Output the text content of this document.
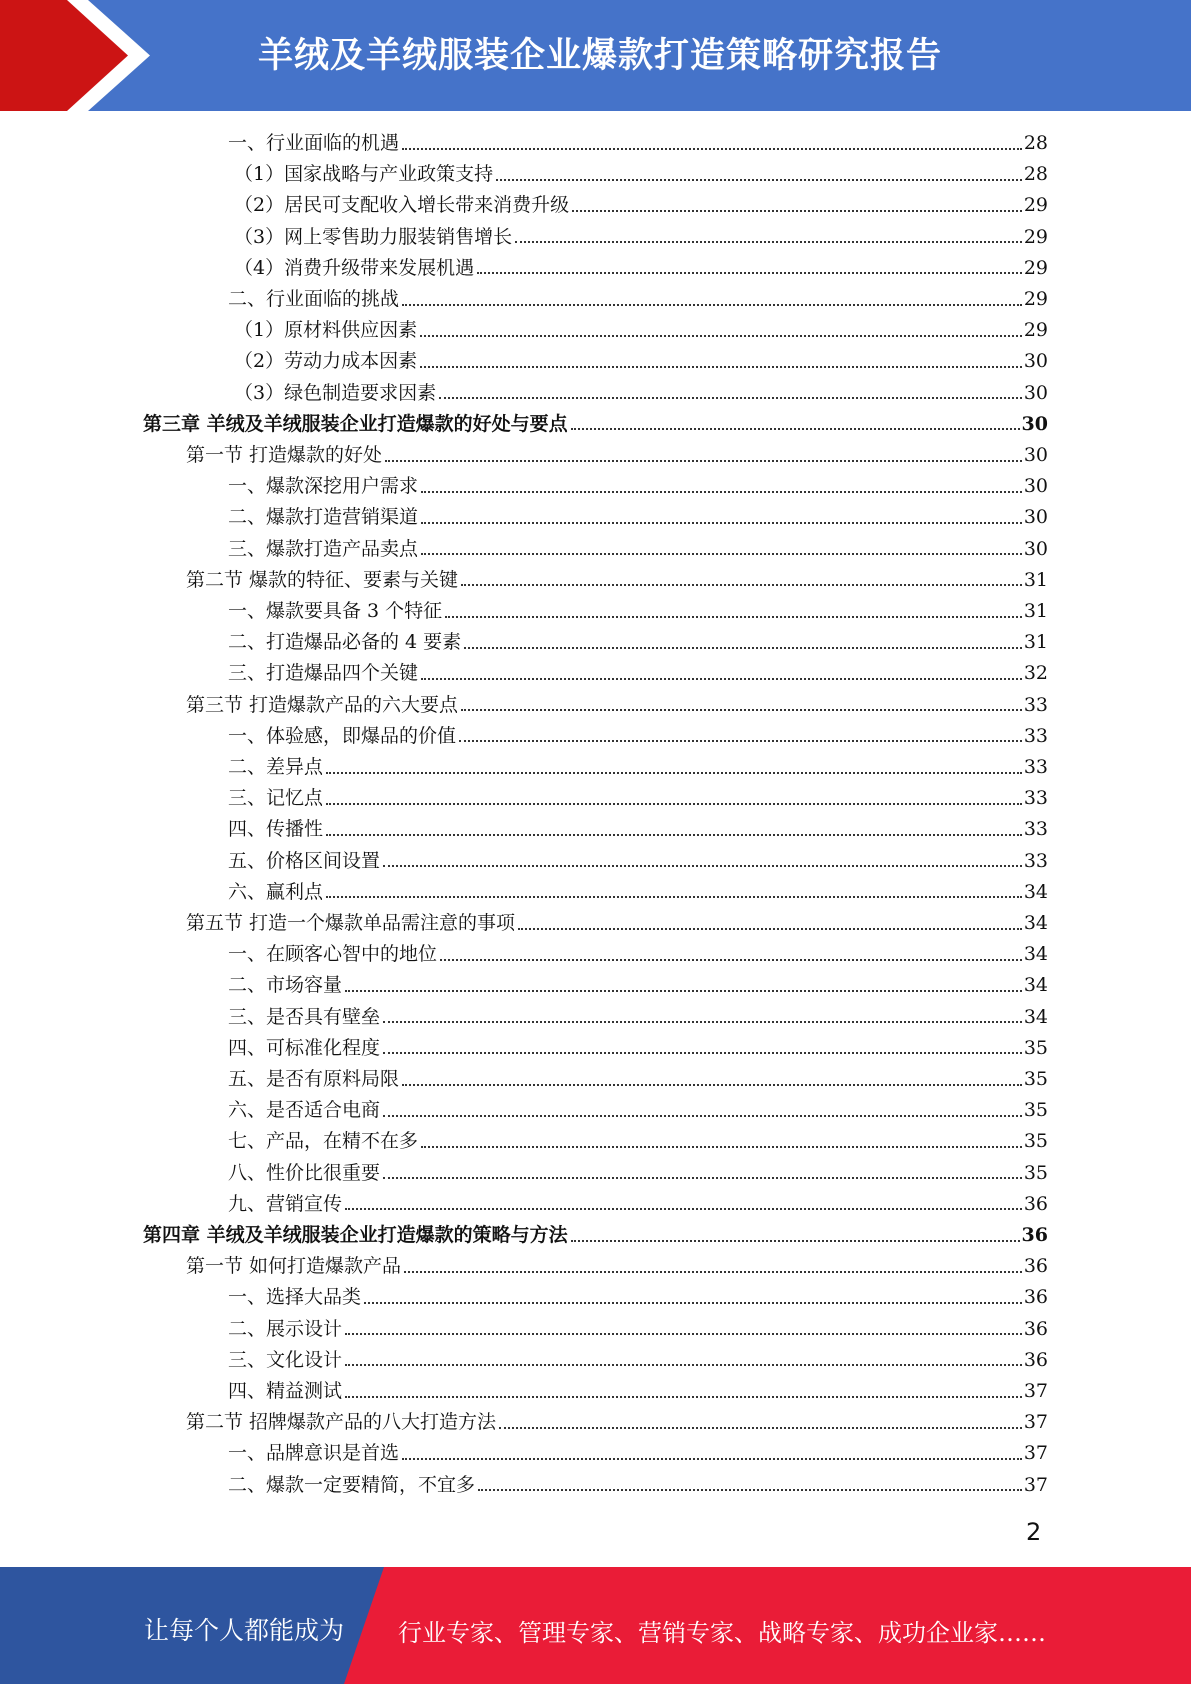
羊绒及羊绒服装企业爆款打造策略研究报告
一、行业面临的机遇	28
（1）国家战略与产业政策支持	28
（2）居民可支配收入增长带来消费升级	29
（3）网上零售助力服装销售增长	29
（4）消费升级带来发展机遇	29
二、行业面临的挑战	29
（1）原材料供应因素	29
（2）劳动力成本因素	30
（3）绿色制造要求因素	30
第三章 羊绒及羊绒服装企业打造爆款的好处与要点	30
第一节 打造爆款的好处	30
一、爆款深挖用户需求	30
二、爆款打造营销渠道	30
三、爆款打造产品卖点	30
第二节 爆款的特征、要素与关键	31
一、爆款要具备 3 个特征	31
二、打造爆品必备的 4 要素	31
三、打造爆品四个关键	32
第三节 打造爆款产品的六大要点	33
一、体验感，即爆品的价值	33
二、差异点	33
三、记忆点	33
四、传播性	33
五、价格区间设置	33
六、赢利点	34
第五节 打造一个爆款单品需注意的事项	34
一、在顾客心智中的地位	34
二、市场容量	34
三、是否具有壁垒	34
四、可标准化程度	35
五、是否有原料局限	35
六、是否适合电商	35
七、产品，在精不在多	35
八、性价比很重要	35
九、营销宣传	36
第四章 羊绒及羊绒服装企业打造爆款的策略与方法	36
第一节 如何打造爆款产品	36
一、选择大品类	36
二、展示设计	36
三、文化设计	36
四、精益测试	37
第二节 招牌爆款产品的八大打造方法	37
一、品牌意识是首选	37
二、爆款一定要精简，不宜多	37
2
让每个人都能成为 行业专家、管理专家、营销专家、战略专家、成功企业家……
